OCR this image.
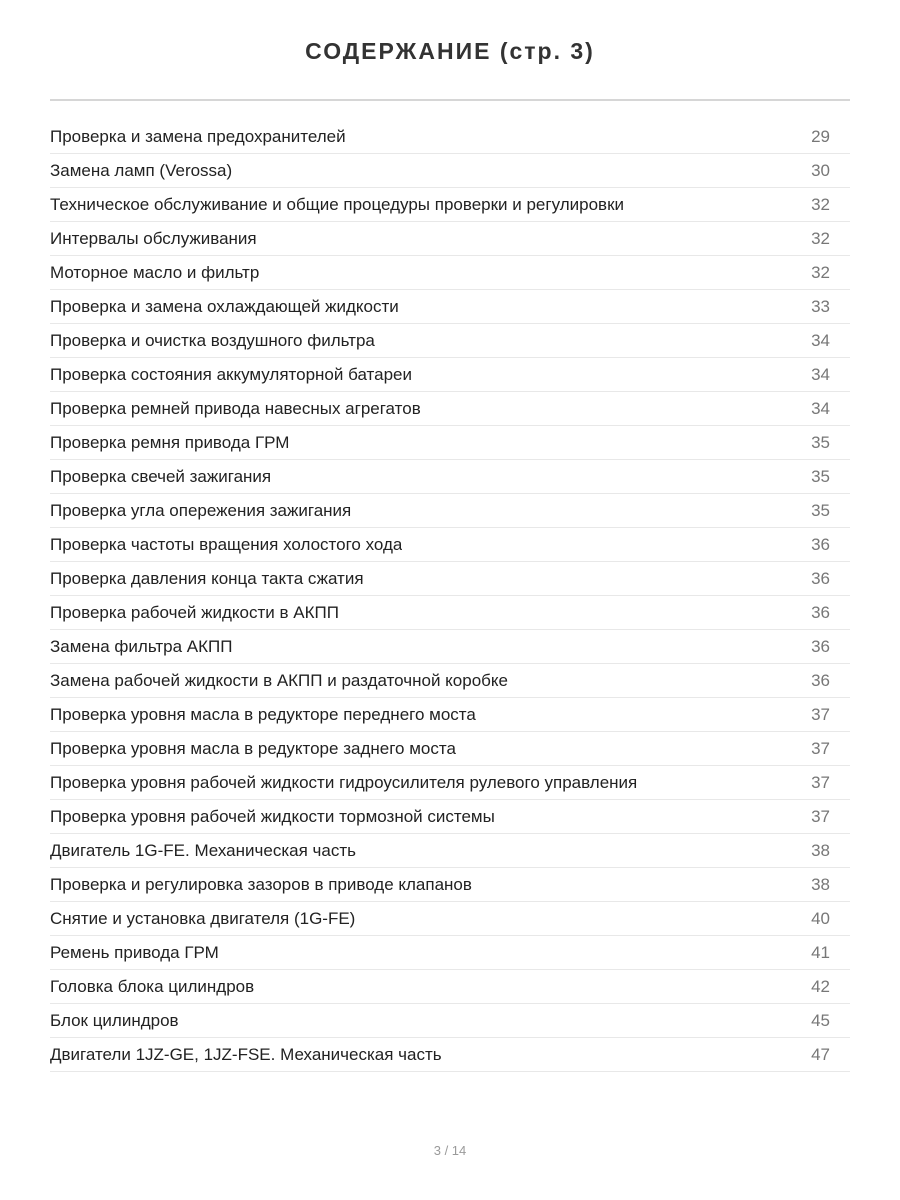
СОДЕРЖАНИЕ (стр. 3)
Проверка и замена предохранителей	29
Замена ламп (Verossa)	30
Техническое обслуживание и общие процедуры проверки и регулировки	32
Интервалы обслуживания	32
Моторное масло и фильтр	32
Проверка и замена охлаждающей жидкости	33
Проверка и очистка воздушного фильтра	34
Проверка состояния аккумуляторной батареи	34
Проверка ремней привода навесных агрегатов	34
Проверка ремня привода ГРМ	35
Проверка свечей зажигания	35
Проверка угла опережения зажигания	35
Проверка частоты вращения холостого хода	36
Проверка давления конца такта сжатия	36
Проверка рабочей жидкости в АКПП	36
Замена фильтра АКПП	36
Замена рабочей жидкости в АКПП и раздаточной коробке	36
Проверка уровня масла в редукторе переднего моста	37
Проверка уровня масла в редукторе заднего моста	37
Проверка уровня рабочей жидкости гидроусилителя рулевого управления	37
Проверка уровня рабочей жидкости тормозной системы	37
Двигатель 1G-FE. Механическая часть	38
Проверка и регулировка зазоров в приводе клапанов	38
Снятие и установка двигателя (1G-FE)	40
Ремень привода ГРМ	41
Головка блока цилиндров	42
Блок цилиндров	45
Двигатели 1JZ-GE, 1JZ-FSE. Механическая часть	47
3 / 14
